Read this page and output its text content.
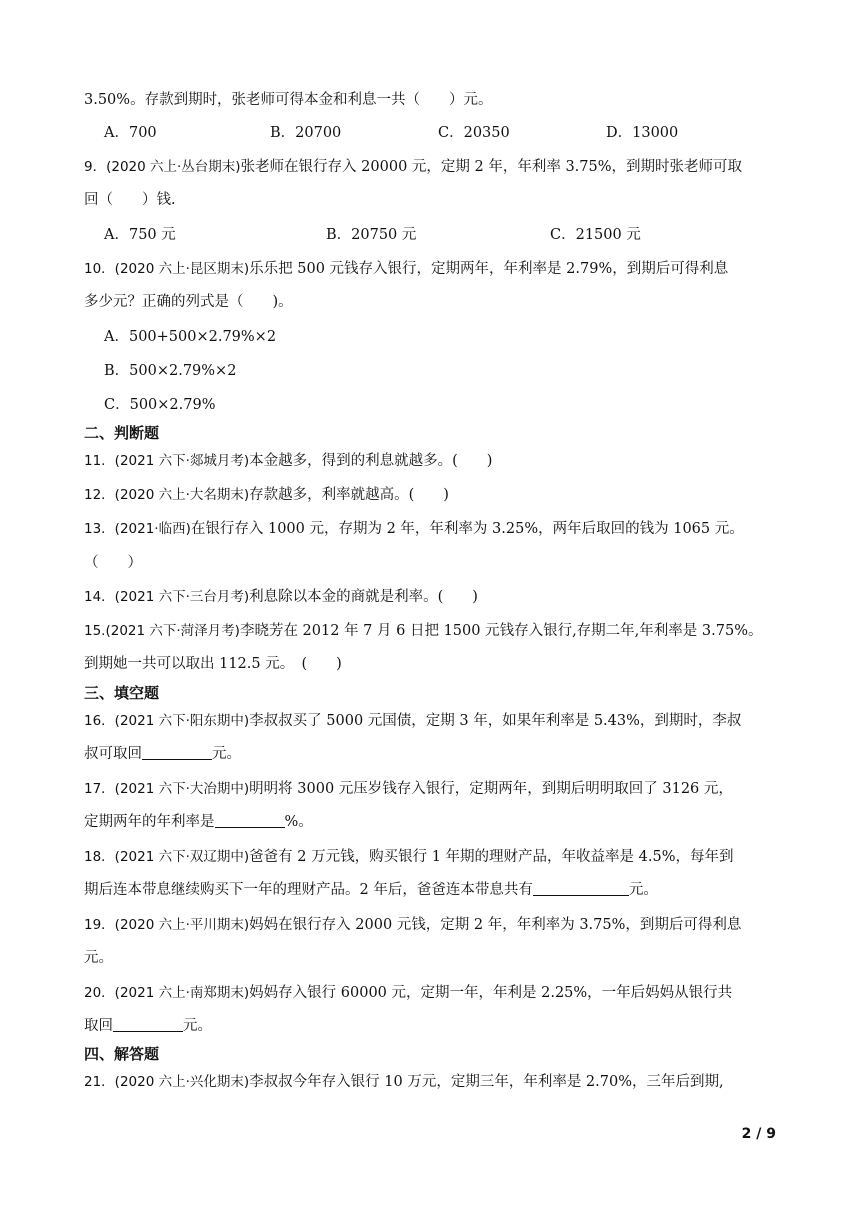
3.50%。存款到期时，张老师可得本金和利息一共（　　）元。
A．700	B．20700	C．20350	D．13000
9．(2020 六上·丛台期末)张老师在银行存入 20000 元，定期 2 年，年利率 3.75%，到期时张老师可取
回（　　）钱.
A．750 元	B．20750 元	C．21500 元
10．(2020 六上·昆区期末)乐乐把 500 元钱存入银行，定期两年，年利率是 2.79%，到期后可得利息
多少元？正确的列式是（　　)。
A．500+500×2.79%×2
B．500×2.79%×2
C．500×2.79%
二、判断题
11．(2021 六下·郯城月考)本金越多，得到的利息就越多。(　　)
12．(2020 六上·大名期末)存款越多，利率就越高。(　　)
13．(2021·临西)在银行存入 1000 元，存期为 2 年，年利率为 3.25%，两年后取回的钱为 1065 元。
（　　）
14．(2021 六下·三台月考)利息除以本金的商就是利率。(　　)
15.(2021 六下·菏泽月考)李晓芳在 2012 年 7 月 6 日把 1500 元钱存入银行,存期二年,年利率是 3.75%。
到期她一共可以取出 112.5 元。　(　　)
三、填空题
16．(2021 六下·阳东期中)李叔叔买了 5000 元国债，定期 3 年，如果年利率是 5.43%，到期时，李叔
叔可取回	元。
17．(2021 六下·大冶期中)明明将 3000 元压岁钱存入银行，定期两年，到期后明明取回了 3126 元，
定期两年的年利率是	%。
18．(2021 六下·双辽期中)爸爸有 2 万元钱，购买银行 1 年期的理财产品，年收益率是 4.5%，每年到
期后连本带息继续购买下一年的理财产品。2 年后，爸爸连本带息共有	元。
19．(2020 六上·平川期末)妈妈在银行存入 2000 元钱，定期 2 年，年利率为 3.75%，到期后可得利息
元。
20．(2021 六上·南郑期末)妈妈存入银行 60000 元，定期一年，年利是 2.25%，一年后妈妈从银行共
取回	元。
四、解答题
21．(2020 六上·兴化期末)李叔叔今年存入银行 10 万元，定期三年，年利率是 2.70%，三年后到期,
2 / 9
